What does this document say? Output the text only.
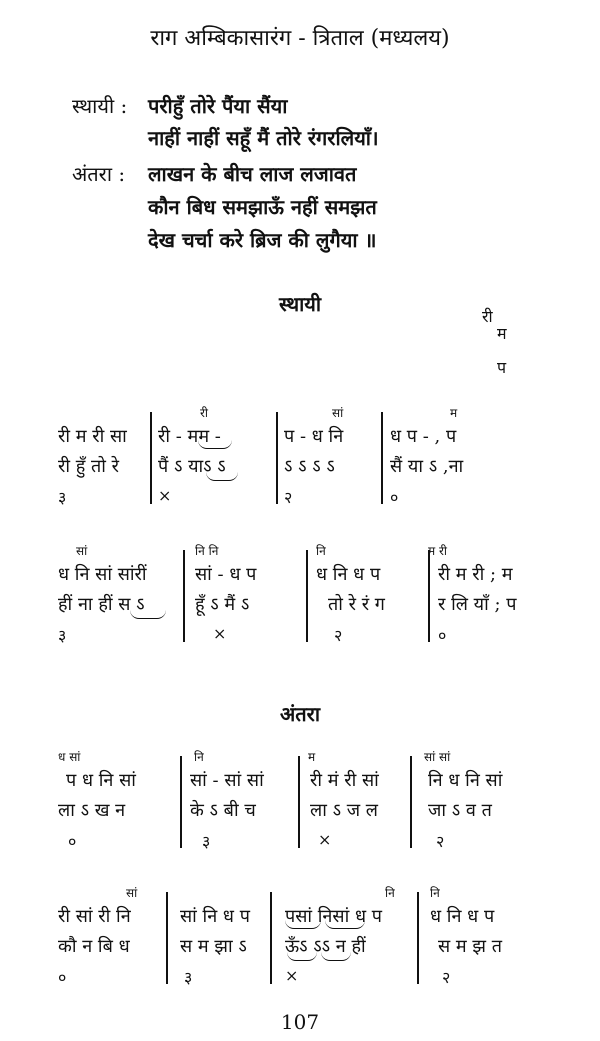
राग अम्बिकासारंग - त्रिताल (मध्यलय)
स्थायी : परीहुँ तोरे पैंया सैंया
नाहीं नाहीं सहूँ मैं तोरे रंगरलियाँ।
अंतरा : लाखन के बीच लाज लजावत
कौन बिध समझाऊँ नहीं समझत
देख चर्चा करे ब्रिज की लुगैया ॥
स्थायी
री
म
प
री म री सा
री हुँ तो रे
३
री
री - मम -
पैं ऽ याऽ ऽ
×
सां
प - ध नि
ऽ ऽ ऽ ऽ
२
म
ध प - , प
सैं या ऽ ,ना
०
सां
ध नि सां सांरीं
हीं ना हीं स ऽ
३
नि नि
सां - ध प
हूँ ऽ मैं ऽ
×
नि
ध नि ध प
तो रे रं ग
२
म री
री म री ; म
र लि याँ ; प
०
अंतरा
ध सां
प ध नि सां
ला ऽ ख न
०
नि
सां - सां सां
के ऽ बी च
३
म
री मं री सां
ला ऽ ज ल
×
सां सां
नि ध नि सां
जा ऽ व त
२
सां
री सां री नि
कौ न बि ध
०
सां नि ध प
स म झा ऽ
३
नि
पसां निसां ध प
ऊँऽ ऽऽ न हीं
×
नि
ध नि ध प
स म झ त
२
107
